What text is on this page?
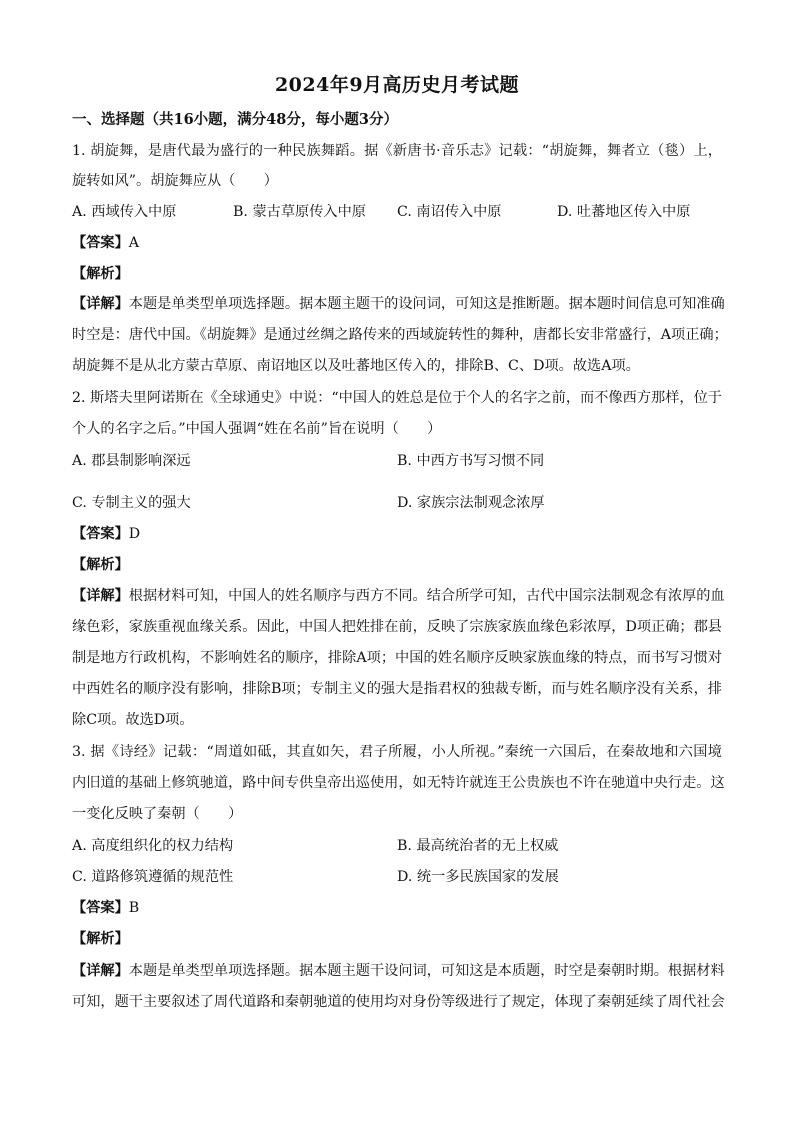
2024年9月高历史月考试题
一、选择题（共16小题，满分48分，每小题3分）
1. 胡旋舞，是唐代最为盛行的一种民族舞蹈。据《新唐书·音乐志》记载：“胡旋舞，舞者立（毯）上，
旋转如风”。胡旋舞应从（　　）
A. 西域传入中原	B. 蒙古草原传入中原 C. 南诏传入中原	D. 吐蕃地区传入中原
【答案】A
【解析】
【详解】本题是单类型单项选择题。据本题主题干的设问词，可知这是推断题。据本题时间信息可知准确
时空是：唐代中国。《胡旋舞》是通过丝绸之路传来的西域旋转性的舞种，唐都长安非常盛行，A项正确；
胡旋舞不是从北方蒙古草原、南诏地区以及吐蕃地区传入的，排除B、C、D项。故选A项。
2. 斯塔夫里阿诺斯在《全球通史》中说：“中国人的姓总是位于个人的名字之前，而不像西方那样，位于
个人的名字之后。”中国人强调“姓在名前”旨在说明（　　）
A. 郡县制影响深远	B. 中西方书写习惯不同
C. 专制主义的强大	D. 家族宗法制观念浓厚
【答案】D
【解析】
【详解】根据材料可知，中国人的姓名顺序与西方不同。结合所学可知，古代中国宗法制观念有浓厚的血
缘色彩，家族重视血缘关系。因此，中国人把姓排在前，反映了宗族家族血缘色彩浓厚，D项正确；郡县
制是地方行政机构，不影响姓名的顺序，排除A项；中国的姓名顺序反映家族血缘的特点，而书写习惯对
中西姓名的顺序没有影响，排除B项；专制主义的强大是指君权的独裁专断，而与姓名顺序没有关系，排
除C项。故选D项。
3. 据《诗经》记载：“周道如砥，其直如矢，君子所履，小人所视。”秦统一六国后，在秦故地和六国境
内旧道的基础上修筑驰道，路中间专供皇帝出巡使用，如无特许就连王公贵族也不许在驰道中央行走。这
一变化反映了秦朝（　　）
A. 高度组织化的权力结构	B. 最高统治者的无上权威
C. 道路修筑遵循的规范性	D. 统一多民族国家的发展
【答案】B
【解析】
【详解】本题是单类型单项选择题。据本题主题干设问词，可知这是本质题，时空是秦朝时期。根据材料
可知，题干主要叙述了周代道路和秦朝驰道的使用均对身份等级进行了规定，体现了秦朝延续了周代社会
